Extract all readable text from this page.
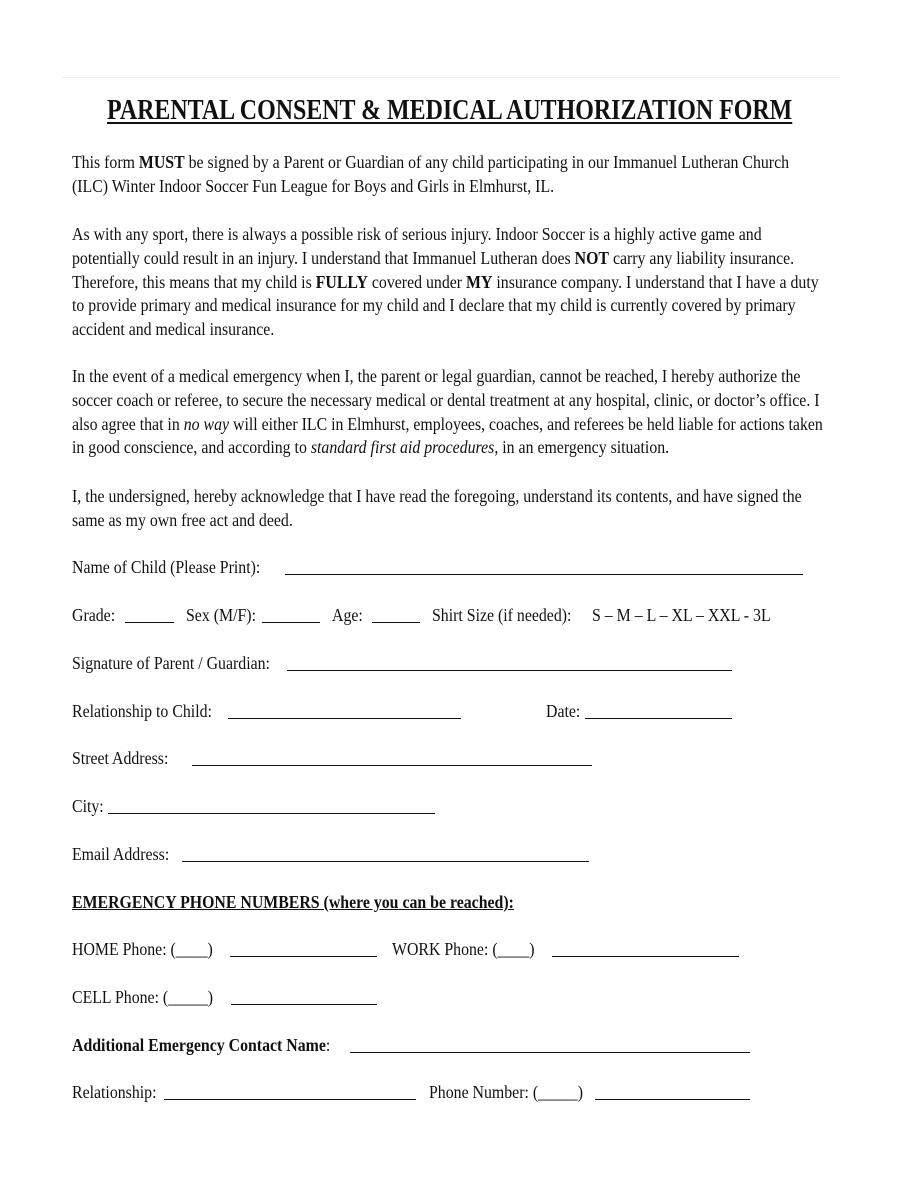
PARENTAL CONSENT & MEDICAL AUTHORIZATION FORM
This form MUST be signed by a Parent or Guardian of any child participating in our Immanuel Lutheran Church (ILC) Winter Indoor Soccer Fun League for Boys and Girls in Elmhurst, IL.
As with any sport, there is always a possible risk of serious injury. Indoor Soccer is a highly active game and potentially could result in an injury. I understand that Immanuel Lutheran does NOT carry any liability insurance. Therefore, this means that my child is FULLY covered under MY insurance company. I understand that I have a duty to provide primary and medical insurance for my child and I declare that my child is currently covered by primary accident and medical insurance.
In the event of a medical emergency when I, the parent or legal guardian, cannot be reached, I hereby authorize the soccer coach or referee, to secure the necessary medical or dental treatment at any hospital, clinic, or doctor’s office. I also agree that in no way will either ILC in Elmhurst, employees, coaches, and referees be held liable for actions taken in good conscience, and according to standard first aid procedures, in an emergency situation.
I, the undersigned, hereby acknowledge that I have read the foregoing, understand its contents, and have signed the same as my own free act and deed.
Name of Child (Please Print):
Grade:	Sex (M/F):	Age:	Shirt Size (if needed): S – M – L – XL – XXL - 3L
Signature of Parent / Guardian:
Relationship to Child:	Date:
Street Address:
City:
Email Address:
EMERGENCY PHONE NUMBERS (where you can be reached):
HOME Phone: (____)	WORK Phone: (____)
CELL Phone: (_____)
Additional Emergency Contact Name:
Relationship:	Phone Number: (_____)
